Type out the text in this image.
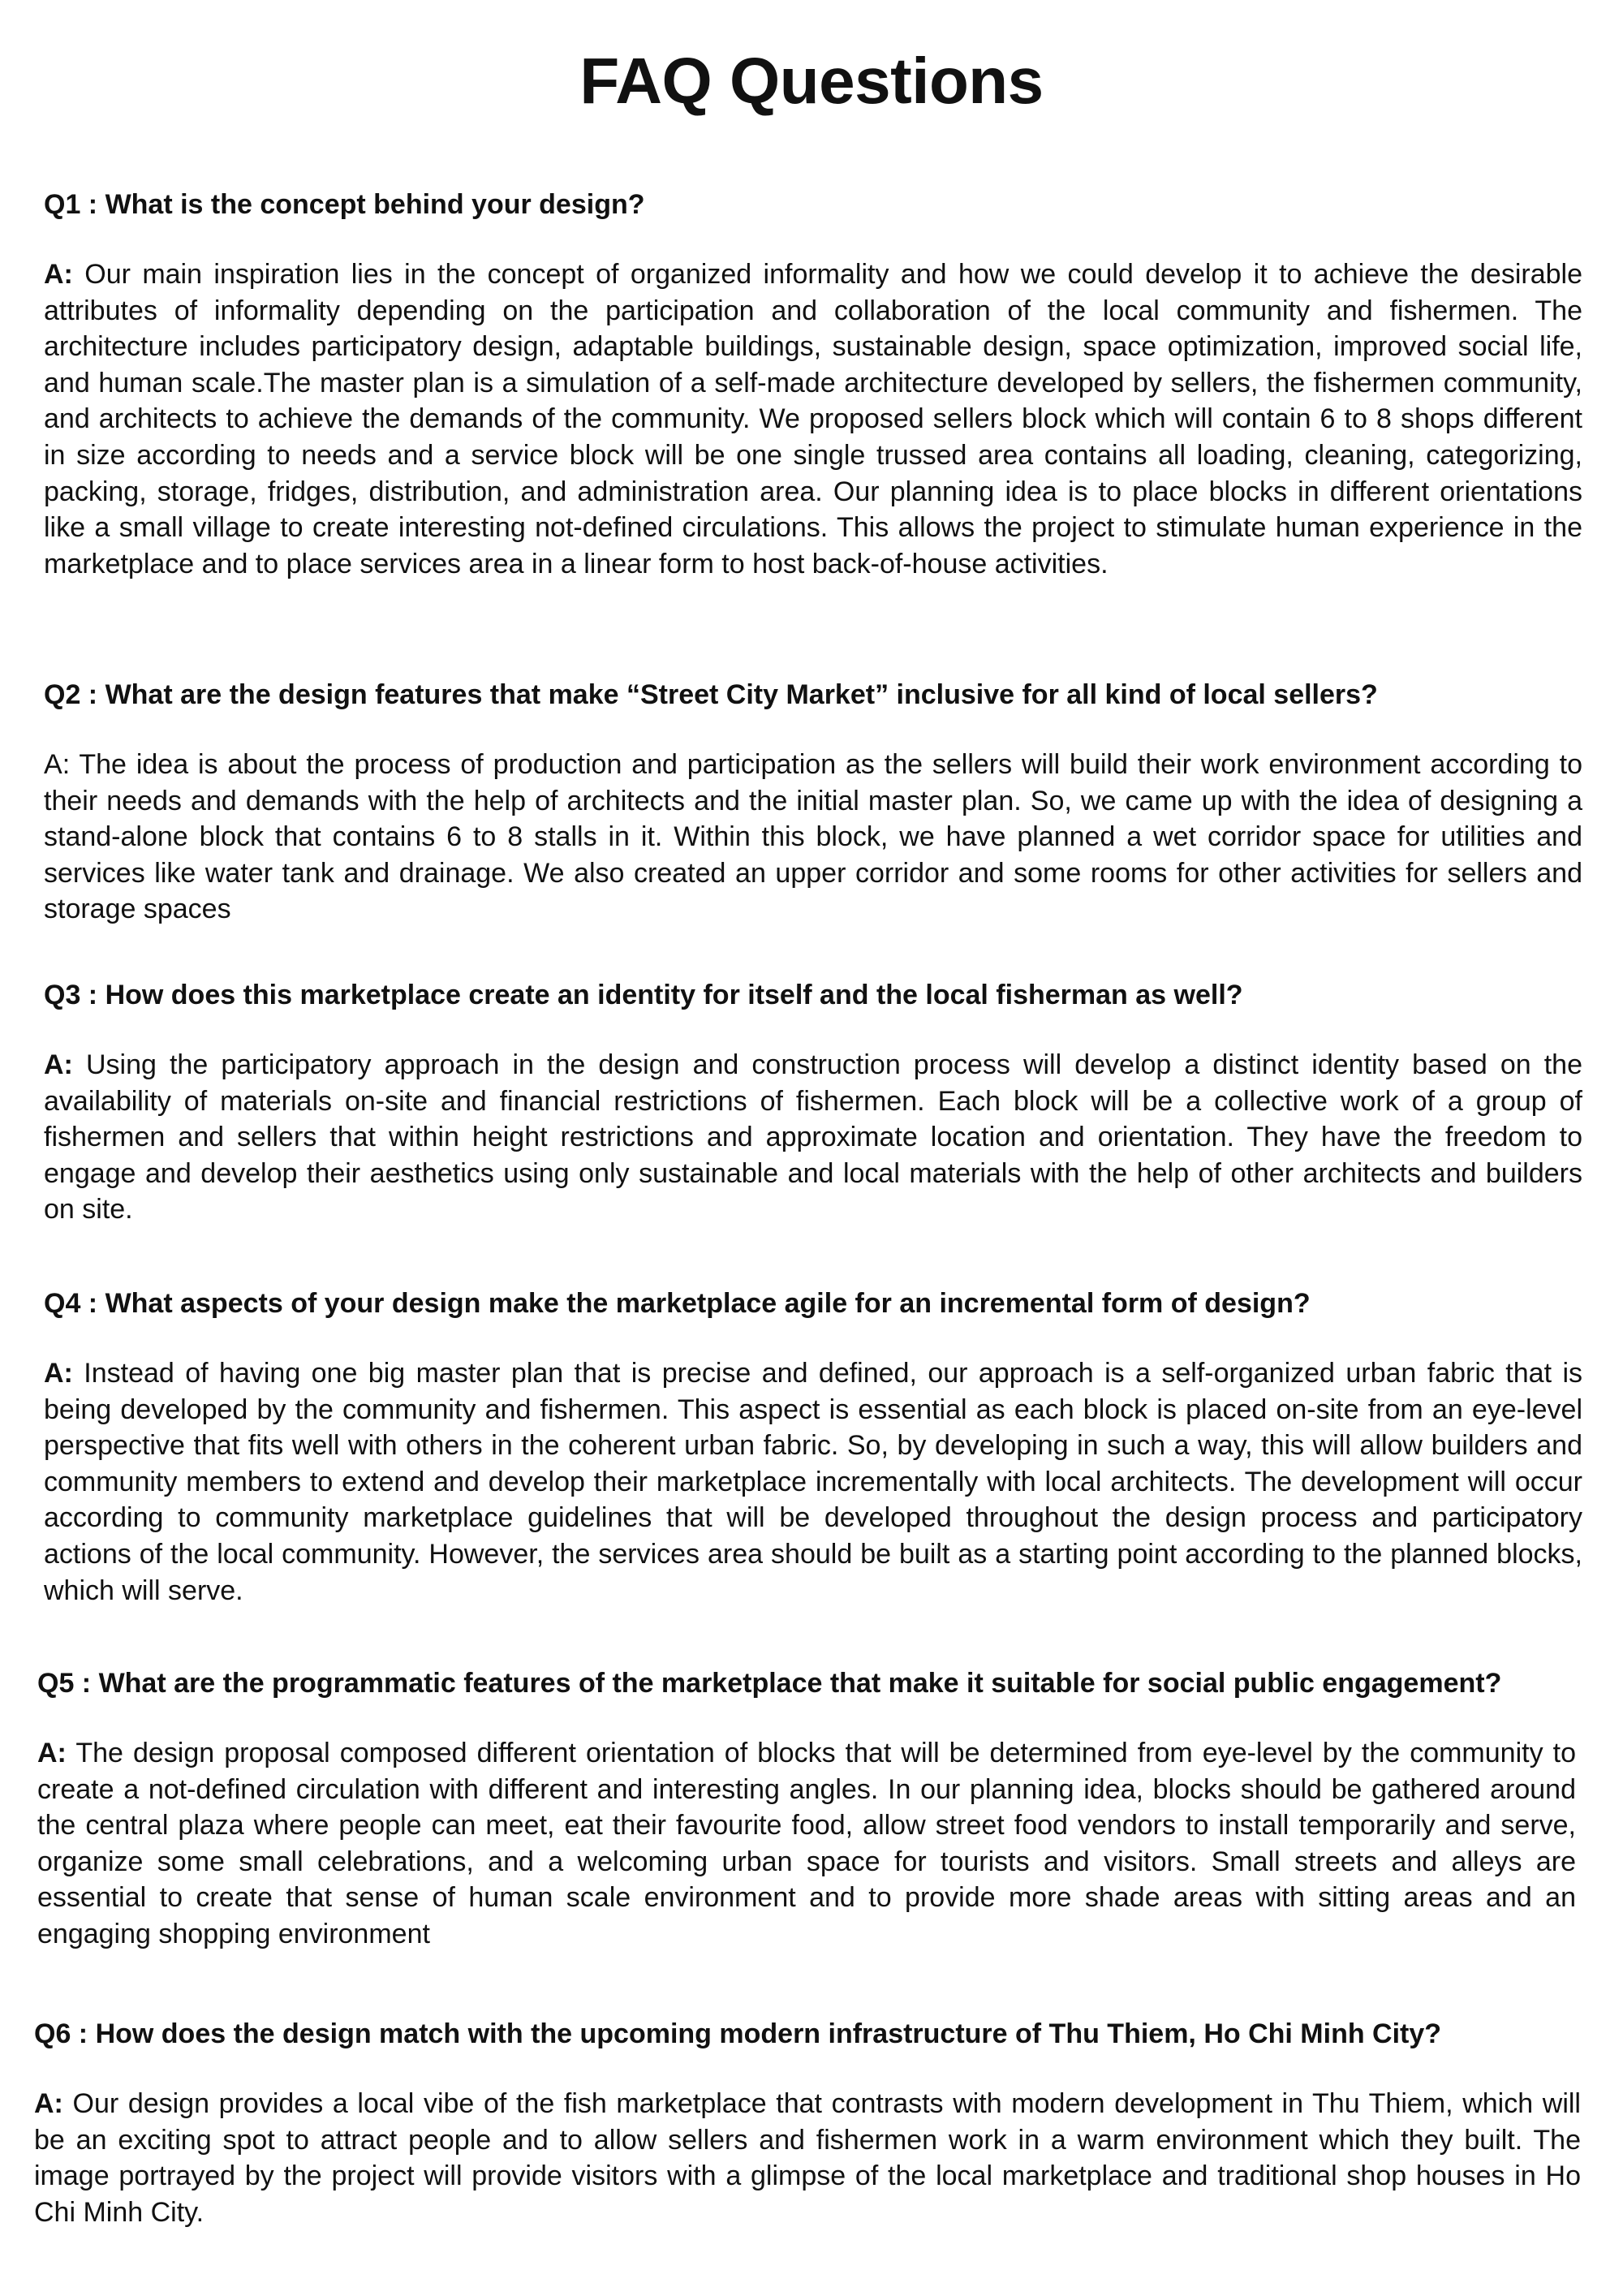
FAQ Questions
Q1 : What is the concept behind your design?

A: Our main inspiration lies in the concept of organized informality and how we could develop it to achieve the desirable attributes of informality depending on the participation and collaboration of the local community and fishermen. The architecture includes participatory design, adaptable buildings, sustainable design, space optimization, improved social life, and human scale.The master plan is a simulation of a self-made architecture developed by sellers, the fishermen community, and architects to achieve the demands of the community. We proposed sellers block which will contain 6 to 8 shops different in size according to needs and a service block will be one single trussed area contains all loading, cleaning, categorizing, packing, storage, fridges, distribution, and administration area. Our planning idea is to place blocks in different orientations like a small village to create interesting not-defined circulations. This allows the project to stimulate human experience in the marketplace and to place services area in a linear form to host back-of-house activities.

Q2 : What are the design features that make “Street City Market” inclusive for all kind of local sellers?

A: The idea is about the process of production and participation as the sellers will build their work environment according to their needs and demands with the help of architects and the initial master plan. So, we came up with the idea of designing a stand-alone block that contains 6 to 8 stalls in it. Within this block, we have planned a wet corridor space for utilities and services like water tank and drainage. We also created an upper corridor and some rooms for other activities for sellers and storage spaces

Q3 : How does this marketplace create an identity for itself and the local fisherman as well?

A: Using the participatory approach in the design and construction process will develop a distinct identity based on the availability of materials on-site and financial restrictions of fishermen. Each block will be a collective work of a group of fishermen and sellers that within height restrictions and approximate location and orientation. They have the freedom to engage and develop their aesthetics using only sustainable and local materials with the help of other architects and builders on site.

Q4 : What aspects of your design make the marketplace agile for an incremental form of design?

A: Instead of having one big master plan that is precise and defined, our approach is a self-organized urban fabric that is being developed by the community and fishermen. This aspect is essential as each block is placed on-site from an eye-level perspective that fits well with others in the coherent urban fabric. So, by developing in such a way, this will allow builders and community members to extend and develop their marketplace incrementally with local architects. The development will occur according to community marketplace guidelines that will be developed throughout the design process and participatory actions of the local community. However, the services area should be built as a starting point according to the planned blocks, which will serve.

Q5 : What are the programmatic features of the marketplace that make it suitable for social public engagement?

A: The design proposal composed different orientation of blocks that will be determined from eye-level by the community to create a not-defined circulation with different and interesting angles. In our planning idea, blocks should be gathered around the central plaza where people can meet, eat their favourite food, allow street food vendors to install temporarily and serve, organize some small celebrations, and a welcoming urban space for tourists and visitors. Small streets and alleys are essential to create that sense of human scale environment and to provide more shade areas with sitting areas and an engaging shopping environment

Q6 : How does the design match with the upcoming modern infrastructure of Thu Thiem, Ho Chi Minh City?

A: Our design provides a local vibe of the fish marketplace that contrasts with modern development in Thu Thiem, which will be an exciting spot to attract people and to allow sellers and fishermen work in a warm environment which they built. The image portrayed by the project will provide visitors with a glimpse of the local marketplace and traditional shop houses in Ho Chi Minh City.
